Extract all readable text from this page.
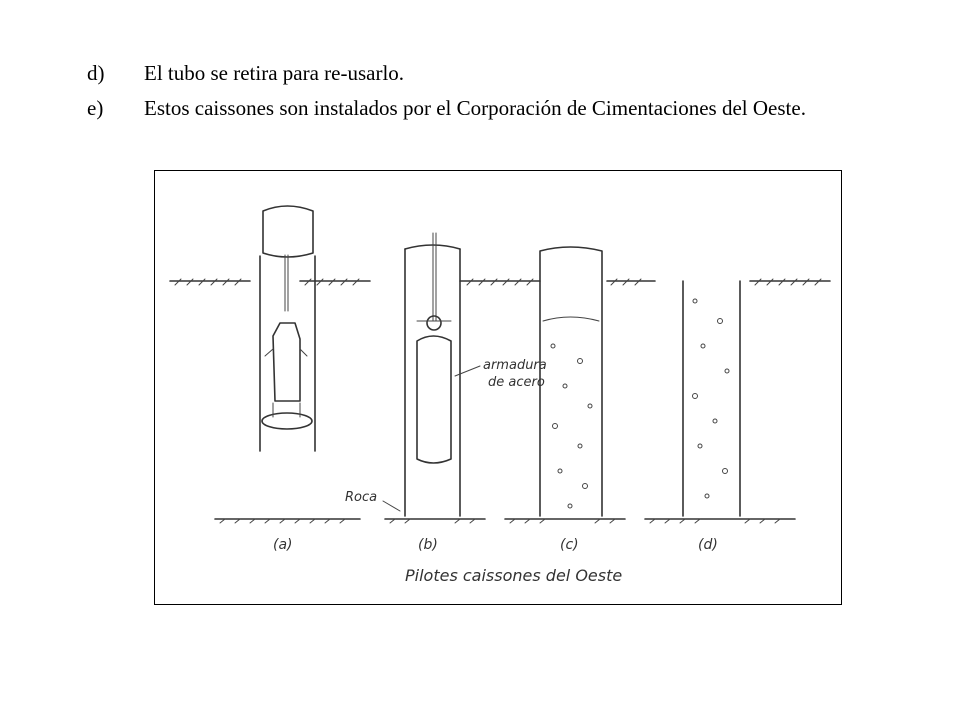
d) El tubo se retira para re-usarlo.
e) Estos caissones son instalados por el Corporación de Cimentaciones del Oeste.
Roca
armadura
de acero
(a)	(b)	(c)	(d)
Pilotes caissones del Oeste
